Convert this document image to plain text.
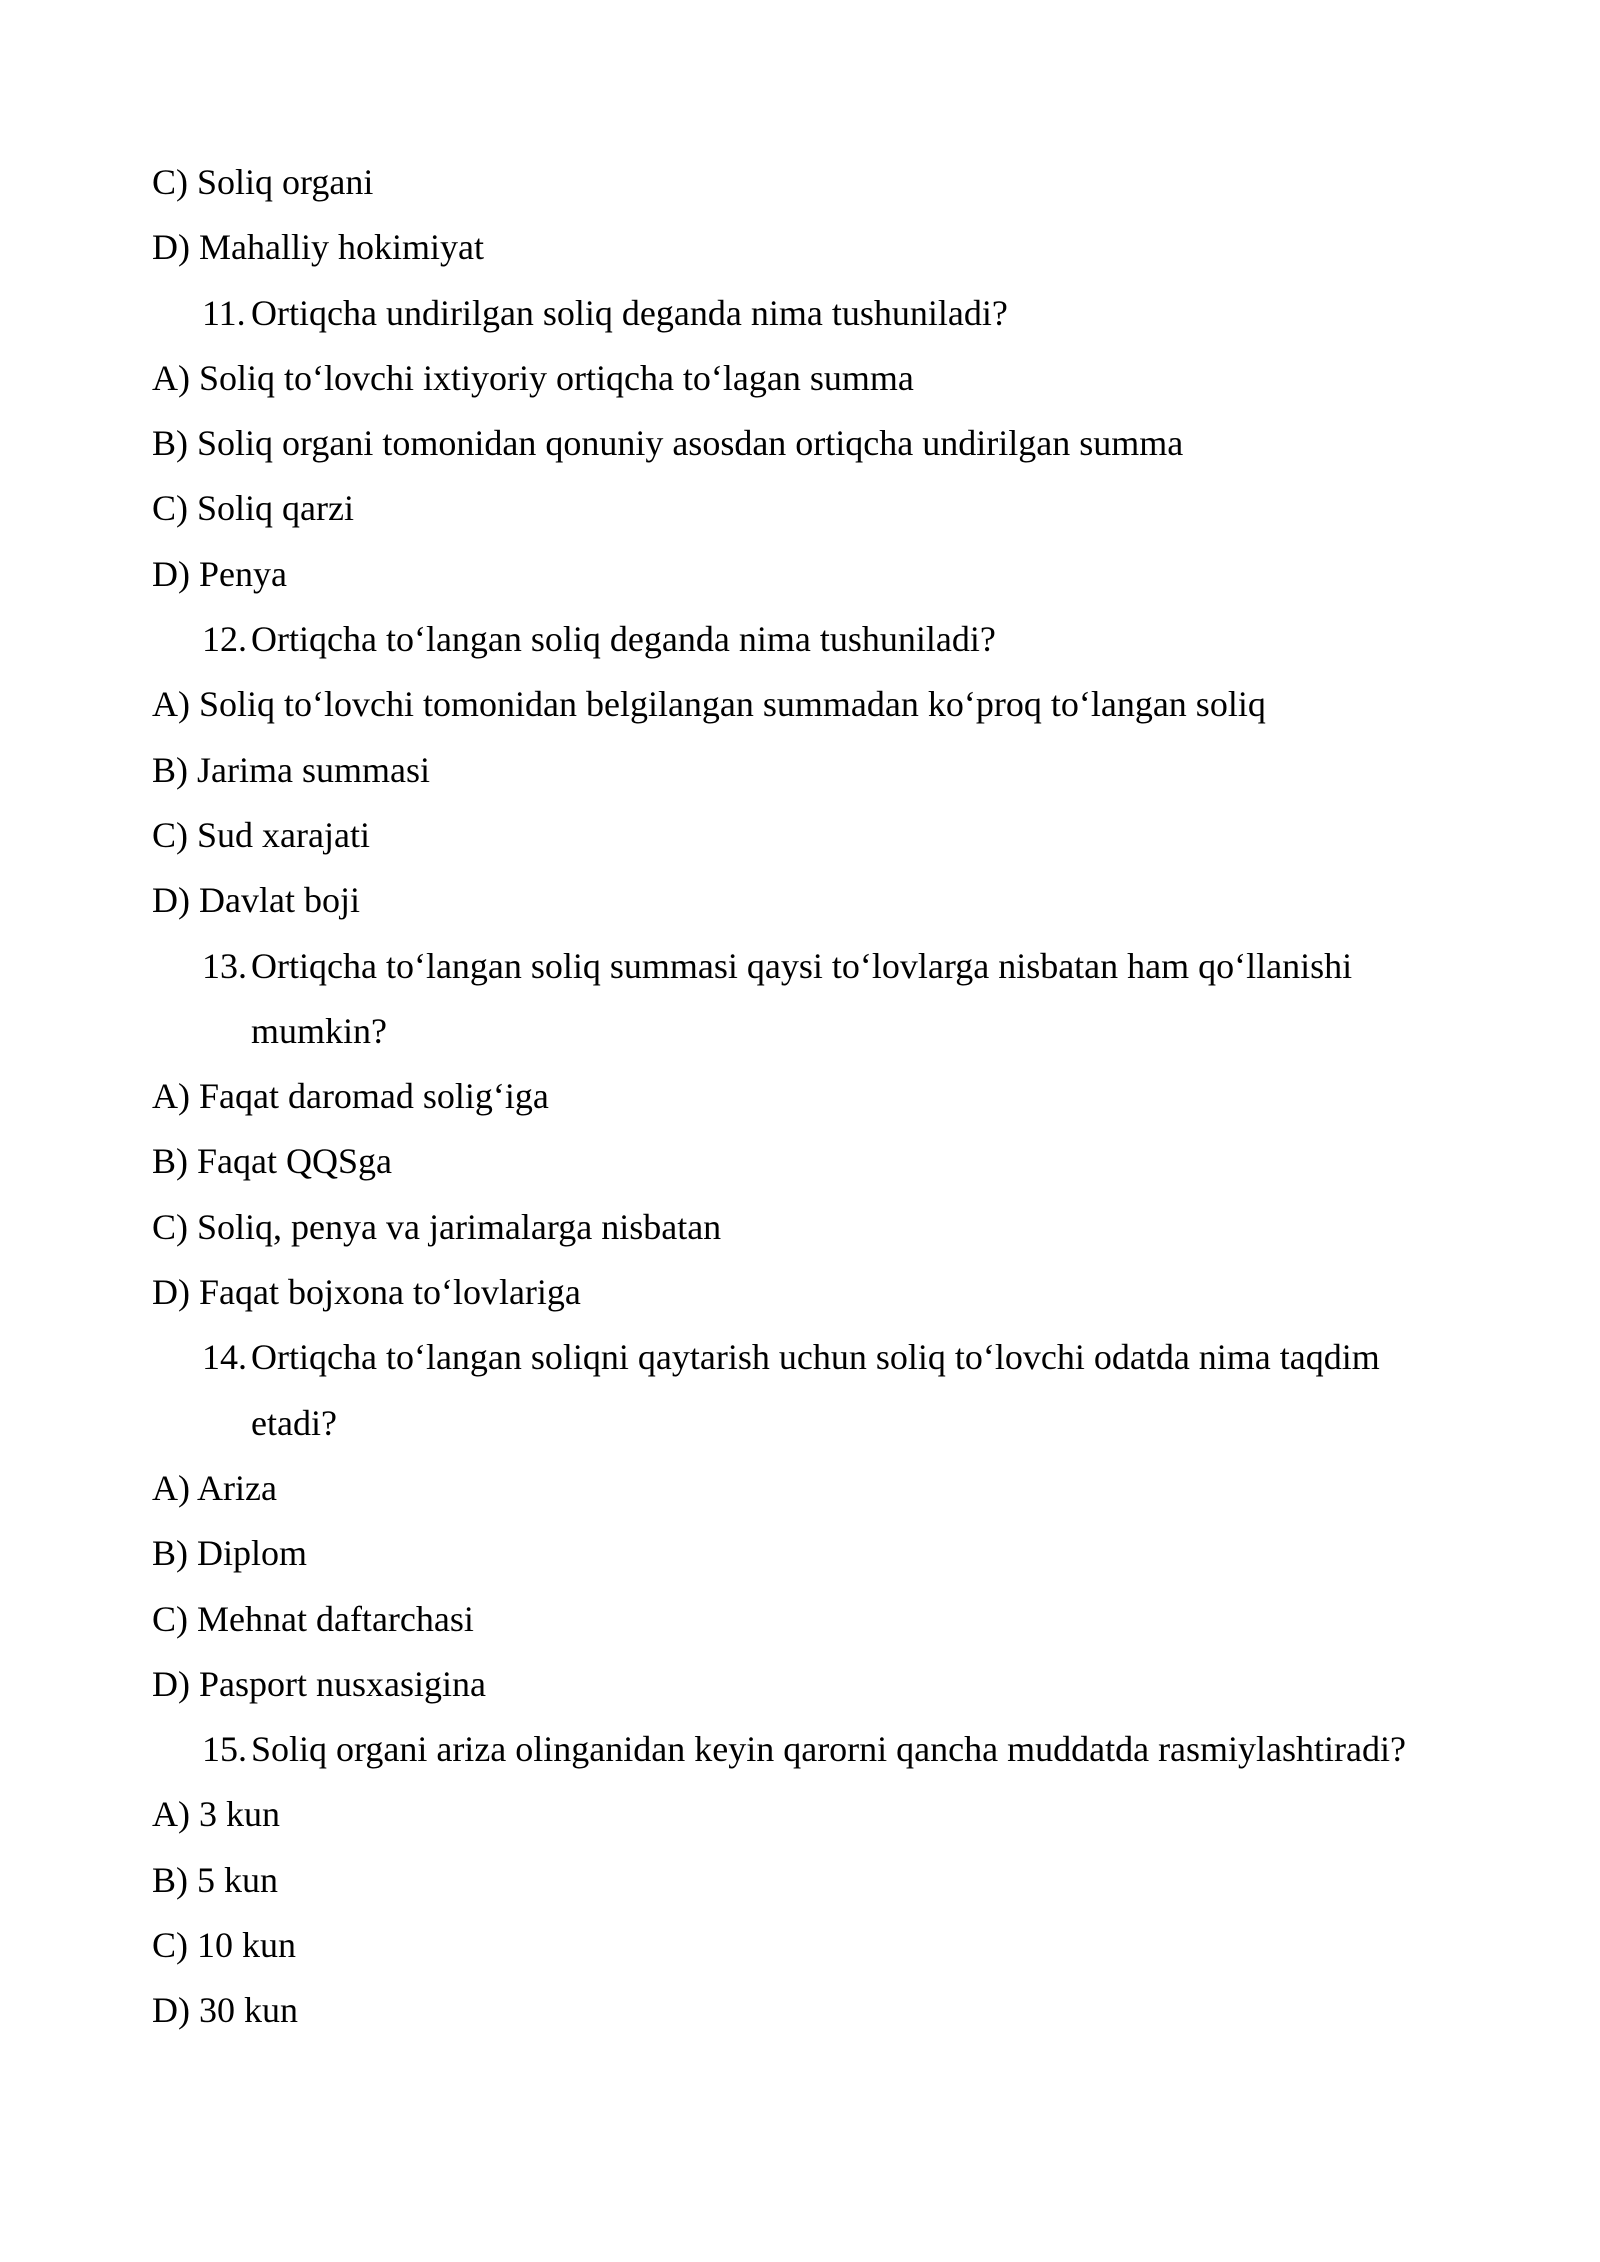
C) Soliq organi
D) Mahalliy hokimiyat
11. Ortiqcha undirilgan soliq deganda nima tushuniladi?
A) Soliq to‘lovchi ixtiyoriy ortiqcha to‘lagan summa
B) Soliq organi tomonidan qonuniy asosdan ortiqcha undirilgan summa
C) Soliq qarzi
D) Penya
12. Ortiqcha to‘langan soliq deganda nima tushuniladi?
A) Soliq to‘lovchi tomonidan belgilangan summadan ko‘proq to‘langan soliq
B) Jarima summasi
C) Sud xarajati
D) Davlat boji
13. Ortiqcha to‘langan soliq summasi qaysi to‘lovlarga nisbatan ham qo‘llanishi mumkin?
A) Faqat daromad solig‘iga
B) Faqat QQSga
C) Soliq, penya va jarimalarga nisbatan
D) Faqat bojxona to‘lovlariga
14. Ortiqcha to‘langan soliqni qaytarish uchun soliq to‘lovchi odatda nima taqdim etadi?
A) Ariza
B) Diplom
C) Mehnat daftarchasi
D) Pasport nusxasigina
15. Soliq organi ariza olinganidan keyin qarorni qancha muddatda rasmiylashtiradi?
A) 3 kun
B) 5 kun
C) 10 kun
D) 30 kun
